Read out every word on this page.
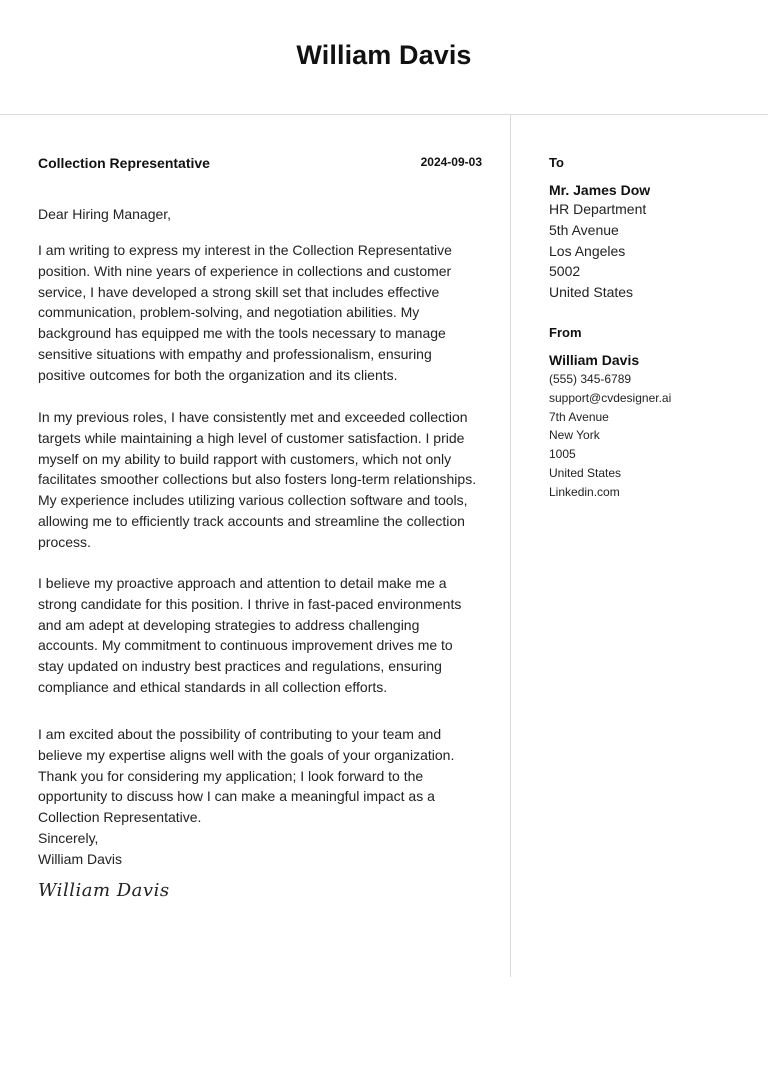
William Davis
Collection Representative	2024-09-03
Dear Hiring Manager,

I am writing to express my interest in the Collection Representative position. With nine years of experience in collections and customer service, I have developed a strong skill set that includes effective communication, problem-solving, and negotiation abilities. My background has equipped me with the tools necessary to manage sensitive situations with empathy and professionalism, ensuring positive outcomes for both the organization and its clients.

In my previous roles, I have consistently met and exceeded collection targets while maintaining a high level of customer satisfaction. I pride myself on my ability to build rapport with customers, which not only facilitates smoother collections but also fosters long-term relationships. My experience includes utilizing various collection software and tools, allowing me to efficiently track accounts and streamline the collection process.

I believe my proactive approach and attention to detail make me a strong candidate for this position. I thrive in fast-paced environments and am adept at developing strategies to address challenging accounts. My commitment to continuous improvement drives me to stay updated on industry best practices and regulations, ensuring compliance and ethical standards in all collection efforts.

I am excited about the possibility of contributing to your team and believe my expertise aligns well with the goals of your organization. Thank you for considering my application; I look forward to the opportunity to discuss how I can make a meaningful impact as a Collection Representative.

Sincerely,
William Davis
William Davis
To
Mr. James Dow
HR Department
5th Avenue
Los Angeles
5002
United States
From
William Davis
(555) 345-6789
support@cvdesigner.ai
7th Avenue
New York
1005
United States
Linkedin.com
